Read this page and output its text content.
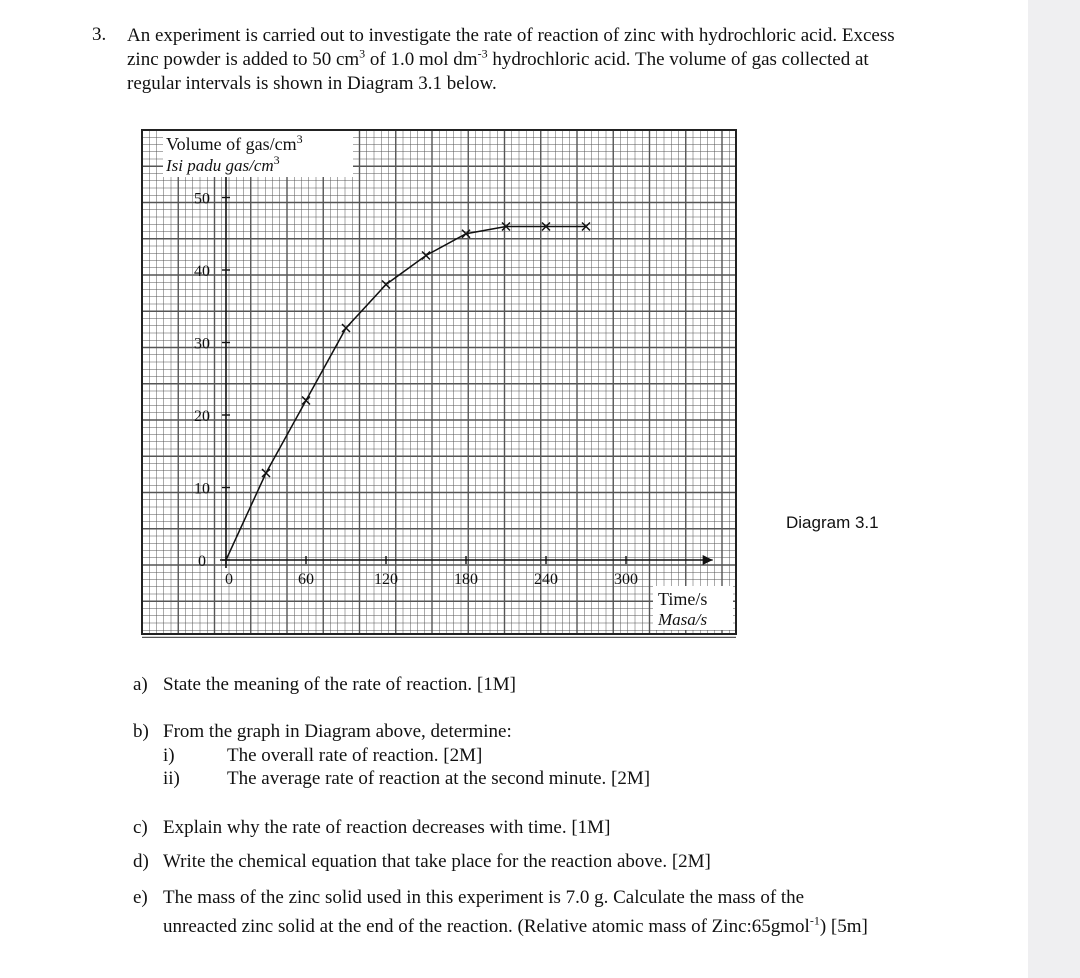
3. An experiment is carried out to investigate the rate of reaction of zinc with hydrochloric acid. Excess
zinc powder is added to 50 $cm^3$ of 1.0 mol $dm^{-3}$ hydrochloric acid. The volume of gas collected at
regular intervals is shown in Diagram 3.1 below.
0
10
20
30
40
50
0	60	120	180	240	300
Volume of gas/$cm^3$
Isi padu gas/$cm^3$
Time/s
Masa/s
Diagram 3.1
a) State the meaning of the rate of reaction. [1M]
b) From the graph in Diagram above, determine:
i)	The overall rate of reaction. [2M]
ii) The average rate of reaction at the second minute. [2M]
c) Explain why the rate of reaction decreases with time. [1M]
d) Write the chemical equation that take place for the reaction above. [2M]
e) The mass of the zinc solid used in this experiment is 7.0 g. Calculate the mass of the
unreacted zinc solid at the end of the reaction. (Relative atomic mass of Zinc:65gmol$^{-1}$) [5m]
